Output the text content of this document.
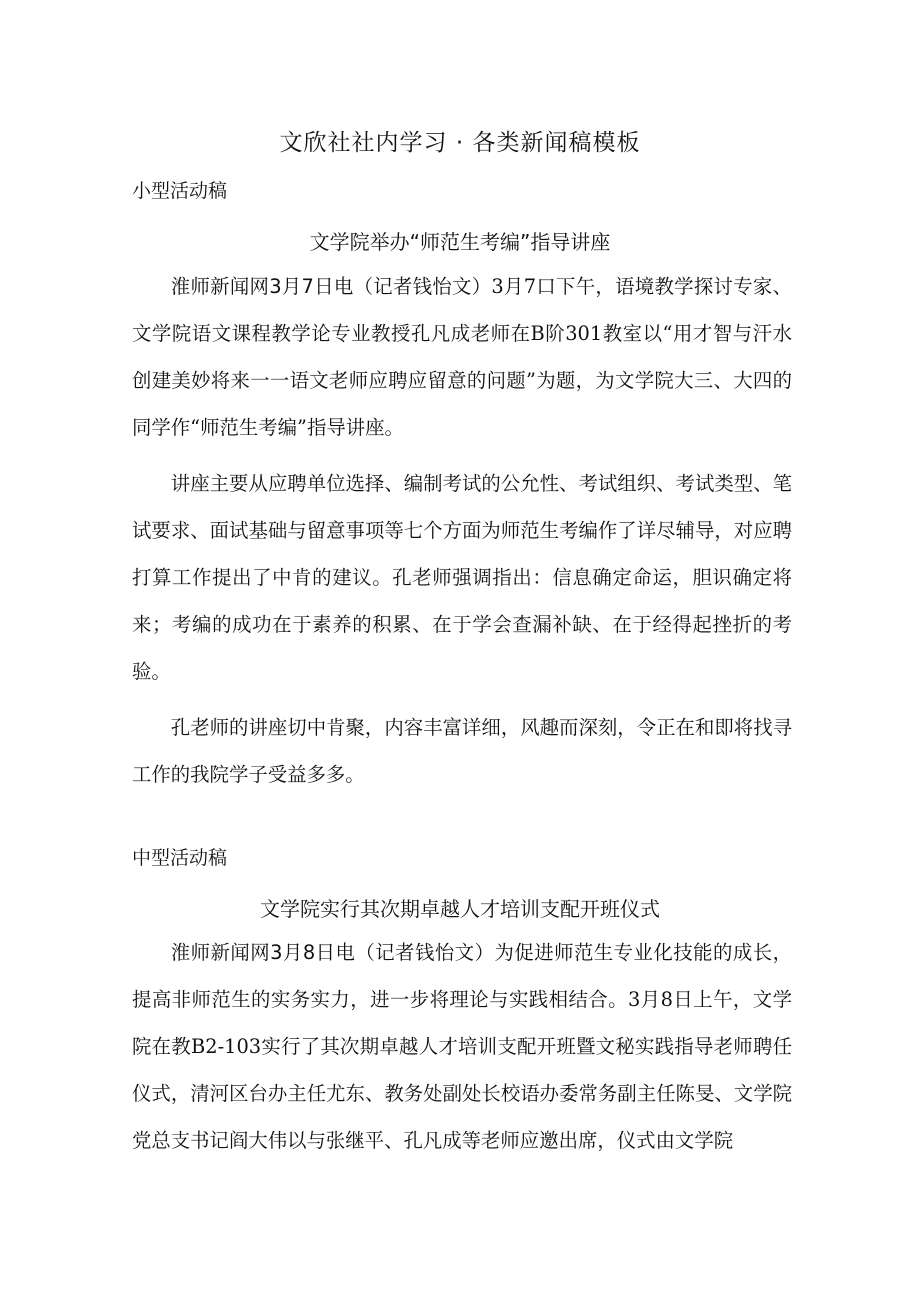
文欣社社内学习 · 各类新闻稿模板
小型活动稿
文学院举办“师范生考编”指导讲座

淮师新闻网3月7日电（记者钱怡文）3月7口下午，语境教学探讨专家、文学院语文课程教学论专业教授孔凡成老师在B阶301教室以“用才智与汗水创建美妙将来一一语文老师应聘应留意的问题”为题，为文学院大三、大四的同学作“师范生考编”指导讲座。

讲座主要从应聘单位选择、编制考试的公允性、考试组织、考试类型、笔试要求、面试基础与留意事项等七个方面为师范生考编作了详尽辅导，对应聘打算工作提出了中肯的建议。孔老师强调指出：信息确定命运，胆识确定将来；考编的成功在于素养的积累、在于学会查漏补缺、在于经得起挫折的考验。

孔老师的讲座切中肯聚，内容丰富详细，风趣而深刻，令正在和即将找寻工作的我院学子受益多多。

中型活动稿
文学院实行其次期卓越人才培训支配开班仪式

淮师新闻网3月8日电（记者钱怡文）为促进师范生专业化技能的成长，提高非师范生的实务实力，进一步将理论与实践相结合。3月8日上午，文学院在教B2-103实行了其次期卓越人才培训支配开班暨文秘实践指导老师聘任仪式，清河区台办主任尤东、教务处副处长校语办委常务副主任陈旻、文学院党总支书记阎大伟以与张继平、孔凡成等老师应邀出席，仪式由文学院
